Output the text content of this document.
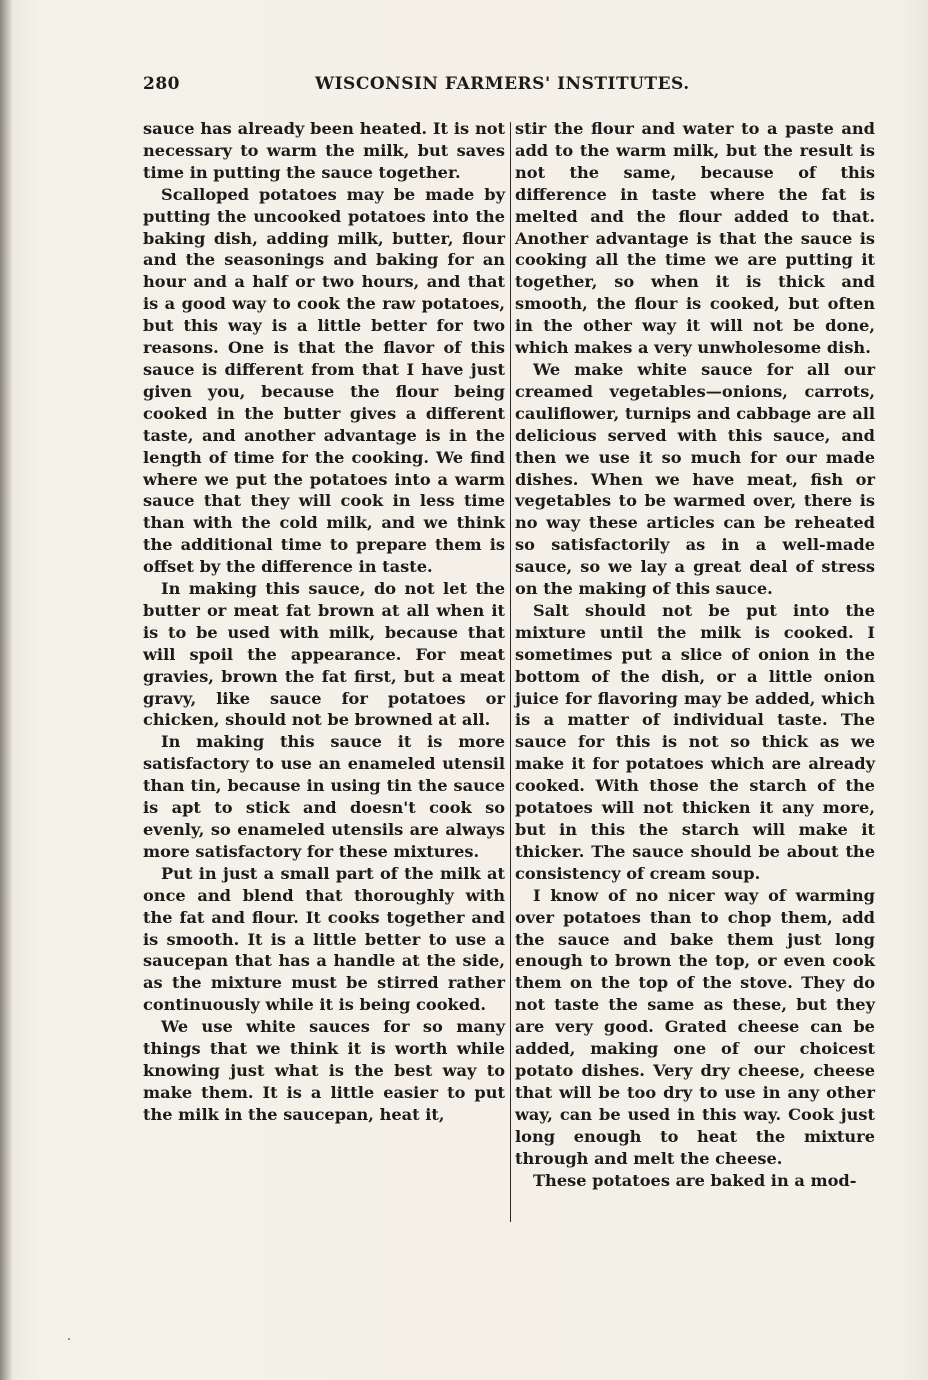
280	WISCONSIN FARMERS' INSTITUTES.

sauce has already been heated. It is not necessary to warm the milk, but saves time in putting the sauce together.

Scalloped potatoes may be made by putting the uncooked potatoes into the baking dish, adding milk, butter, flour and the seasonings and baking for an hour and a half or two hours, and that is a good way to cook the raw potatoes, but this way is a little better for two reasons. One is that the flavor of this sauce is different from that I have just given you, because the flour being cooked in the butter gives a different taste, and another advantage is in the length of time for the cooking. We find where we put the potatoes into a warm sauce that they will cook in less time than with the cold milk, and we think the additional time to prepare them is offset by the difference in taste.

In making this sauce, do not let the butter or meat fat brown at all when it is to be used with milk, because that will spoil the appearance. For meat gravies, brown the fat first, but a meat gravy, like sauce for potatoes or chicken, should not be browned at all.

In making this sauce it is more satisfactory to use an enameled utensil than tin, because in using tin the sauce is apt to stick and doesn't cook so evenly, so enameled utensils are always more satisfactory for these mixtures.

Put in just a small part of the milk at once and blend that thoroughly with the fat and flour. It cooks together and is smooth. It is a little better to use a saucepan that has a handle at the side, as the mixture must be stirred rather continuously while it is being cooked.

We use white sauces for so many things that we think it is worth while knowing just what is the best way to make them. It is a little easier to put the milk in the saucepan, heat it,

stir the flour and water to a paste and add to the warm milk, but the result is not the same, because of this difference in taste where the fat is melted and the flour added to that. Another advantage is that the sauce is cooking all the time we are putting it together, so when it is thick and smooth, the flour is cooked, but often in the other way it will not be done, which makes a very unwholesome dish.

We make white sauce for all our creamed vegetables—onions, carrots, cauliflower, turnips and cabbage are all delicious served with this sauce, and then we use it so much for our made dishes. When we have meat, fish or vegetables to be warmed over, there is no way these articles can be reheated so satisfactorily as in a well-made sauce, so we lay a great deal of stress on the making of this sauce.

Salt should not be put into the mixture until the milk is cooked. I sometimes put a slice of onion in the bottom of the dish, or a little onion juice for flavoring may be added, which is a matter of individual taste. The sauce for this is not so thick as we make it for potatoes which are already cooked. With those the starch of the potatoes will not thicken it any more, but in this the starch will make it thicker. The sauce should be about the consistency of cream soup.

I know of no nicer way of warming over potatoes than to chop them, add the sauce and bake them just long enough to brown the top, or even cook them on the top of the stove. They do not taste the same as these, but they are very good. Grated cheese can be added, making one of our choicest potato dishes. Very dry cheese, cheese that will be too dry to use in any other way, can be used in this way. Cook just long enough to heat the mixture through and melt the cheese.

These potatoes are baked in a mod-
